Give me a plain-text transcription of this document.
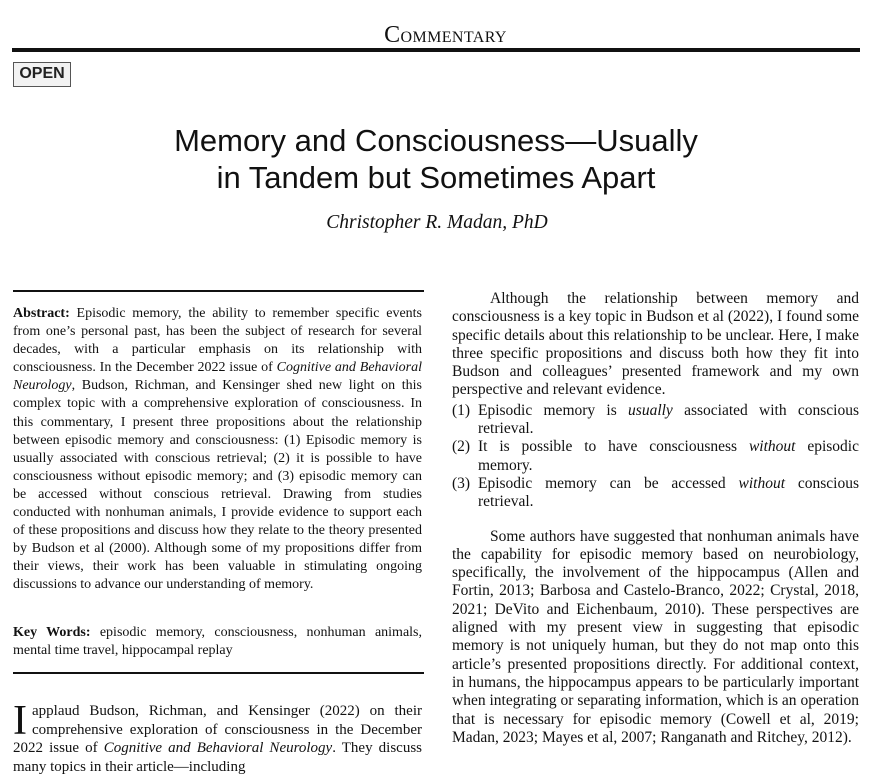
COMMENTARY
OPEN
Memory and Consciousness—Usually
in Tandem but Sometimes Apart
Christopher R. Madan, PhD

Abstract: Episodic memory, the ability to remember specific events from one’s personal past, has been the subject of research for several decades, with a particular emphasis on its relationship with consciousness. In the December 2022 issue of Cognitive and Behavioral Neurology, Budson, Richman, and Kensinger shed new light on this complex topic with a comprehensive exploration of consciousness. In this commentary, I present three propositions about the relationship between episodic memory and consciousness: (1) Episodic memory is usually associated with conscious retrieval; (2) it is possible to have consciousness without episodic memory; and (3) episodic memory can be accessed without conscious retrieval. Drawing from studies conducted with nonhuman animals, I provide evidence to support each of these propositions and discuss how they relate to the theory presented by Budson et al (2000). Although some of my propositions differ from their views, their work has been valuable in stimulating ongoing discussions to advance our understanding of memory.

Key Words: episodic memory, consciousness, nonhuman animals, mental time travel, hippocampal replay

I applaud Budson, Richman, and Kensinger (2022) on their comprehensive exploration of consciousness in the December 2022 issue of Cognitive and Behavioral Neurology. They discuss many topics in their article—including

Although the relationship between memory and consciousness is a key topic in Budson et al (2022), I found some specific details about this relationship to be unclear. Here, I make three specific propositions and discuss both how they fit into Budson and colleagues’ presented framework and my own perspective and relevant evidence.

(1) Episodic memory is usually associated with conscious retrieval.
(2) It is possible to have consciousness without episodic memory.
(3) Episodic memory can be accessed without conscious retrieval.

Some authors have suggested that nonhuman animals have the capability for episodic memory based on neurobiology, specifically, the involvement of the hippocampus (Allen and Fortin, 2013; Barbosa and Castelo-Branco, 2022; Crystal, 2018, 2021; DeVito and Eichenbaum, 2010). These perspectives are aligned with my present view in suggesting that episodic memory is not uniquely human, but they do not map onto this article’s presented propositions directly. For additional context, in humans, the hippocampus appears to be particularly important when integrating or separating information, which is an operation that is necessary for episodic memory (Cowell et al, 2019; Madan, 2023; Mayes et al, 2007; Ranganath and Ritchey, 2012).
